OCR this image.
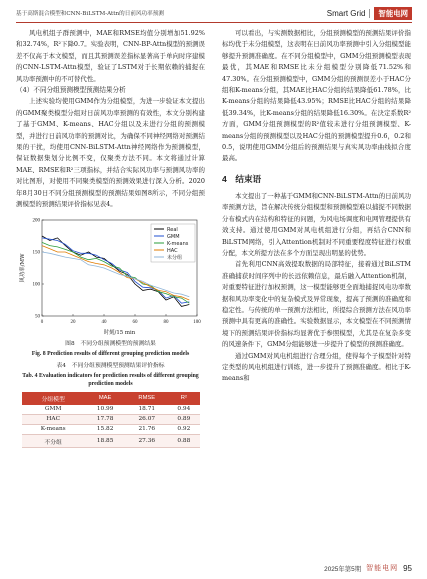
基于高斯混合模型和CNN-BiLSTM-Attn的日前风功率预测	Smart Grid	智能电网

风电机组子群预测中，MAE和RMSE均值分别增加51.92%和32.74%，R²下降0.7。实验表明，CNN-BP-Attn模型的预测误差不仅高于本文模型，而且其预测误差指标显著高于单向时序建模的CNN-LSTM-Attn模型，验证了LSTM对于长期依赖的捕捉在风功率预测中的不可替代性。

（4）不同分组预测模型预测结果分析

上述实验均使用GMM作为分组模型，为进一步验证本文提出的GMM聚类模型分组对日前风功率预测的有效性，本文分别构建了基于GMM、K-means、HAC分组以及未进行分组的预测模型，并进行日前风功率的预测对比，为确保不同神经网络对预测结果的干扰，均使用CNN-BiLSTM-Attn神经网络作为预测模型，保证数据集划分比例不变，仅聚类方法不同。本文将通过计算MAE、RMSE和R²三项指标，并结合实际风功率与预测风功率的对比图形，对使用不同聚类模型的预测效果进行深入分析。2020年8月30日不同分组预测模型的预测结果如图8所示，不同分组预测模型的预测结果评价指标见表4。

0	20	40	60	80	100
50
100
150
200
时刻/15 min
风功率/MW
Real
GMM
K-means
HAC
未分组

图8　不同分组预测模型的预测结果

Fig. 8 Prediction results of different grouping prediction models

表4　不同分组预测模型预测结果评价指标

Tab. 4 Evaluation indicators for prediction results of different grouping prediction models

分组模型	MAE	RMSE	R²
GMM	10.99	18.71	0.94
HAC	17.78	26.07	0.89
K-means	15.82	21.76	0.92
不分组	18.85	27.36	0.88

可以看出，与实测数据相比，分组预测模型的预测结果评价指标均优于未分组模型，这表明在日前风功率预测中引入分组模型能够提升预测准确度。在不同分组模型中，GMM分组预测模型表现最优，其MAE和RMSE比未分组模型分别降低71.52%和47.30%。在分组预测模型中，GMM分组的预测误差小于HAC分组和K-means分组，其MAE比HAC分组的结果降低61.78%，比K-means分组的结果降低43.95%；RMSE比HAC分组的结果降低39.34%，比K-means分组的结果降低16.30%。在決定系数R²方面，GMM分组预测模型的R²值较未进行分组预测模型、K-means分组的预测模型以及HAC分组的预测模型提升0.6，0.2和0.5，说明使用GMM分组后的预测结果与真实风功率曲线拟合度最高。

4　结束语

本文提出了一种基于GMM和CNN-BiLSTM-Attn的日前风功率预测方法，旨在解决传统分组模型和预测模型难以捕捉不同数据分布模式内在结构和特征的问题，为风电场调度和电网管理提供有效支持。通过使用GMM对风电机组进行分组，再结合CNN和BiLSTM网络，引入Attention机制对不同重要程度特征进行权重分配，本文所提方法在多个方面呈现出明显的优势。

首先利用CNN高效提取数据的局部特征，接着通过BiLSTM准确捕获时间序列中的长远依赖信息，最后融入Attention机制，对重要特征进行加权预测，这一模型能够更全面地捕捉风电功率数据和风功率变化中的复杂模式及异常现象，提高了预测的准确度和稳定性。与传统的单一预测方法相比，所提综合预测方法在风功率预测中具有更高的准确性。实验数据显示，本文模型在不同预测情境下的预测结果评价指标均显著优于参照模型，尤其是在复杂多变的风速条件下，GMM分组能够进一步提升了模型的预测准确度。

通过GMM对风电机组进行合理分组，使得每个子模型针对特定类型的风电机组进行训练，进一步提升了预测准确度。相比于K-means和

2025年第5期 智能电网 95
